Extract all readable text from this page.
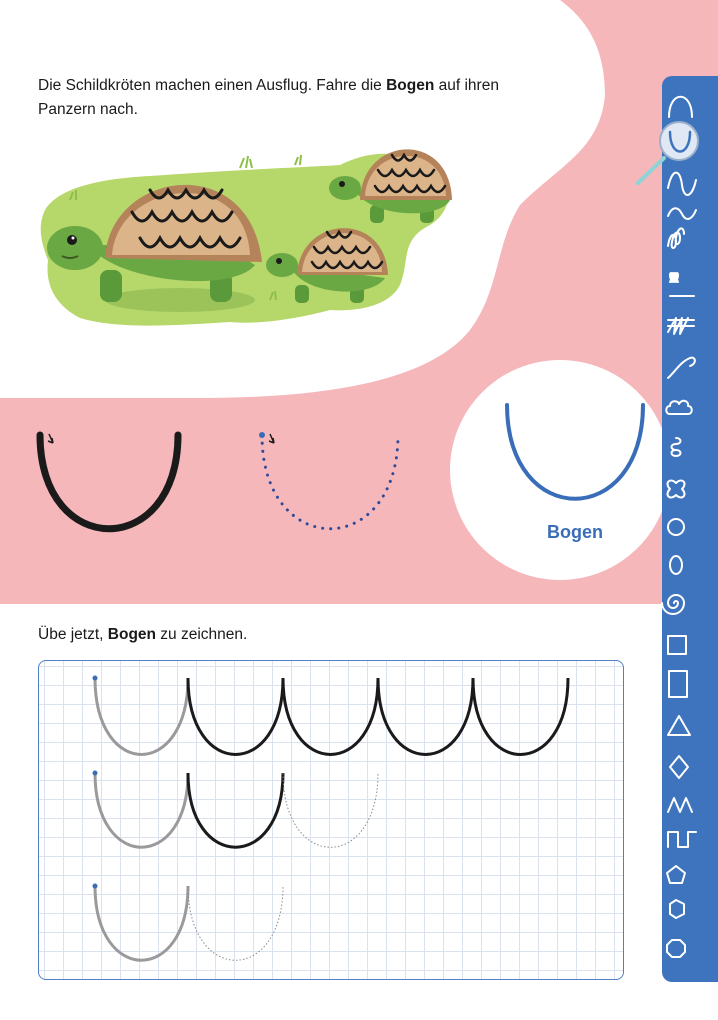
Die Schildkröten machen einen Ausflug. Fahre die Bogen auf ihren Panzern nach.
Bogen
Übe jetzt, Bogen zu zeichnen.
